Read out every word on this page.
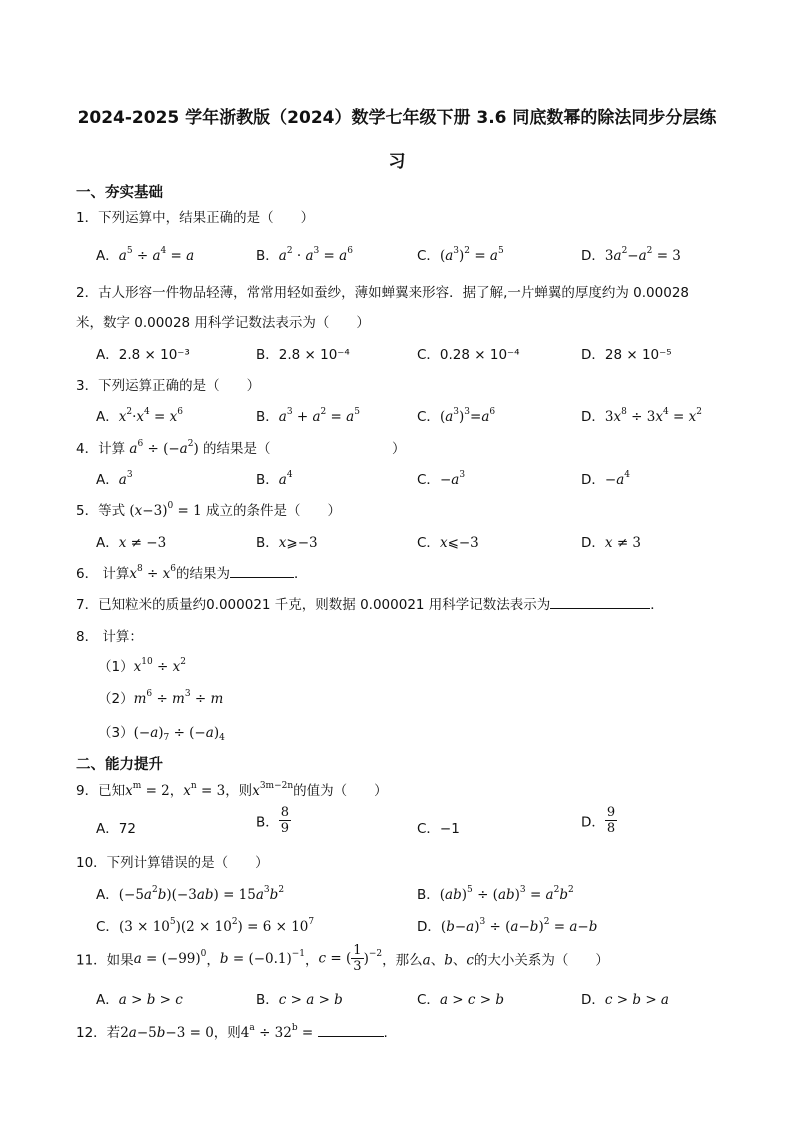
2024-2025 学年浙教版（2024）数学七年级下册 3.6 同底数幂的除法同步分层练
习
一、夯实基础
1．下列运算中，结果正确的是（　　）
A．$a^5 \div a^4 = a$	B．$a^2 \cdot a^3 = a^6$	C．$(a^3)^2 = a^5$	D．$3a^2-a^2 = 3$
2．古人形容一件物品轻薄，常常用轻如蚕纱，薄如蝉翼来形容．据了解,一片蝉翼的厚度约为 0.00028
米，数字 0.00028 用科学记数法表示为（　　）
A．2.8 × 10⁻³	B．2.8 × 10⁻⁴	C．0.28 × 10⁻⁴	D．28 × 10⁻⁵
3．下列运算正确的是（　　）
A．$x^2\cdot x^4 = x^6$	B．$a^3 + a^2 = a^5$	C．$(a^3)^3=a^6$	D．$3x^8 \div 3x^4 = x^2$
4．计算 $a^6 \div (-a^2)$ 的结果是（　　　　　　　　　）
A．$a^3$	B．$a^4$	C．$-a^3$	D．$-a^4$
5．等式 $(x-3)^0 = 1$ 成立的条件是（　　）
A．x ≠ −3	B．x⩾−3	C．x⩽−3	D．x ≠ 3
6． 计算$x^8 \div x^6$的结果为	．
7．已知粒米的质量约0.000021 千克，则数据 0.000021 用科学记数法表示为	．
8． 计算：
$(1)x^{10} \div x^2$
$(2)m^6 \div m^3 \div m$
$(3)(-a)_7 \div (-a)_4$
二、能力提升
9．已知$x^m = 2$，$x^n = 3$，则$x^{3m-2n}$的值为（　　）
A．72	B． $\frac{8}{9}$	C．−1	D． $\frac{9}{8}$
10．下列计算错误的是（　　）
A．$(-5a^2b)(-3ab) = 15a^3b^2$	B．$(ab)^5 \div (ab)^3 = a^2b^2$
C．$(3 \times 10^5)(2 \times 10^2) = 6 \times 10^7$	D．$(b-a)^3 \div (a-b)^2 = a-b$
11．如果$a = (-99)^0$，$b = (-0.1)^{-1}$，c = ( $\frac{1}{3} )^{-2}$，那么a、b、c的大小关系为（　　）
A．a > b > c	B．c > a > b	C．a > c > b	D．c > b > a
12．若2a−5b−3 = 0，则$4^a \div 32^b$ =	.
